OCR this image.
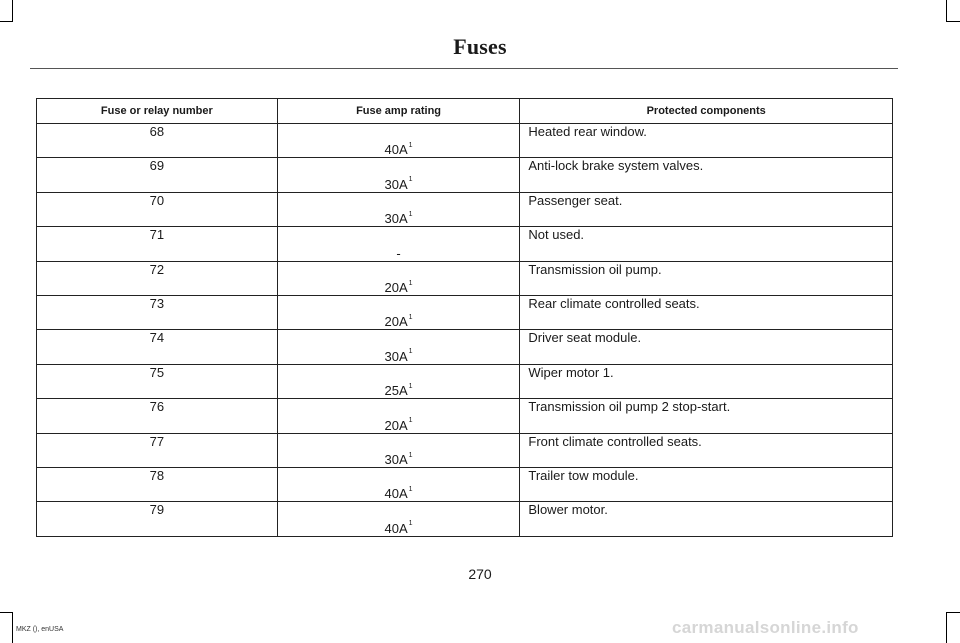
Fuses
Fuse or relay number	Fuse amp rating	Protected components
68	$40A^1$	Heated rear window.
69	$30A^1$	Anti-lock brake system valves.
70	$30A^1$	Passenger seat.
71	-	Not used.
72	$20A^1$	Transmission oil pump.
73	$20A^1$	Rear climate controlled seats.
74	$30A^1$	Driver seat module.
75	$25A^1$	Wiper motor 1.
76	$20A^1$	Transmission oil pump 2 stop-start.
77	$30A^1$	Front climate controlled seats.
78	$40A^1$	Trailer tow module.
79	$40A^1$	Blower motor.
270
MKZ (), enUSA	carmanualsonline.info
